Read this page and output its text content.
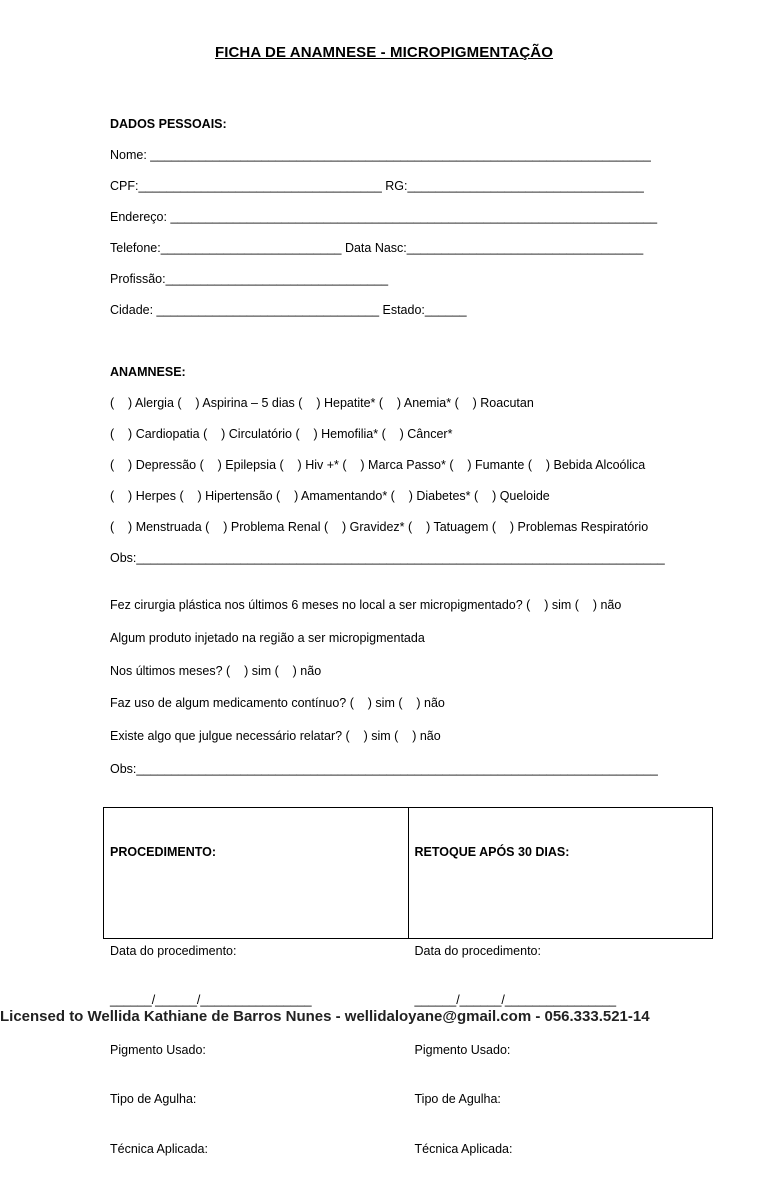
FICHA DE ANAMNESE - MICROPIGMENTAÇÃO
DADOS PESSOAIS:
Nome: ________________________________________________________________________
CPF:___________________________________ RG:__________________________________
Endereço: ______________________________________________________________________
Telefone:__________________________ Data Nasc:__________________________________
Profissão:________________________________
Cidade: ________________________________ Estado:______
ANAMNESE:
(    ) Alergia (    ) Aspirina – 5 dias (    ) Hepatite* (    ) Anemia* (    ) Roacutan
(    ) Cardiopatia (    ) Circulatório (    ) Hemofilia* (    ) Câncer*
(    ) Depressão (    ) Epilepsia (    ) Hiv +* (    ) Marca Passo* (    ) Fumante (    ) Bebida Alcoólica
(    ) Herpes (    ) Hipertensão (    ) Amamentando* (    ) Diabetes* (    ) Queloide
(    ) Menstruada (    ) Problema Renal (    ) Gravidez* (    ) Tatuagem (    ) Problemas Respiratório
Obs:____________________________________________________________________________
Fez cirurgia plástica nos últimos 6 meses no local a ser micropigmentado? (    ) sim (    ) não
Algum produto injetado na região a ser micropigmentada
Nos últimos meses? (    ) sim (    ) não
Faz uso de algum medicamento contínuo? (    ) sim (    ) não
Existe algo que julgue necessário relatar? (    ) sim (    ) não
Obs:___________________________________________________________________________

PROCEDIMENTO:

Data do procedimento:

______/______/________________

Pigmento Usado:

Tipo de Agulha:

Técnica Aplicada:

RETOQUE APÓS 30 DIAS:

Data do procedimento:

______/______/________________

Pigmento Usado:

Tipo de Agulha:

Técnica Aplicada:

Licensed to Wellida Kathiane de Barros Nunes - wellidaloyane@gmail.com - 056.333.521-14
